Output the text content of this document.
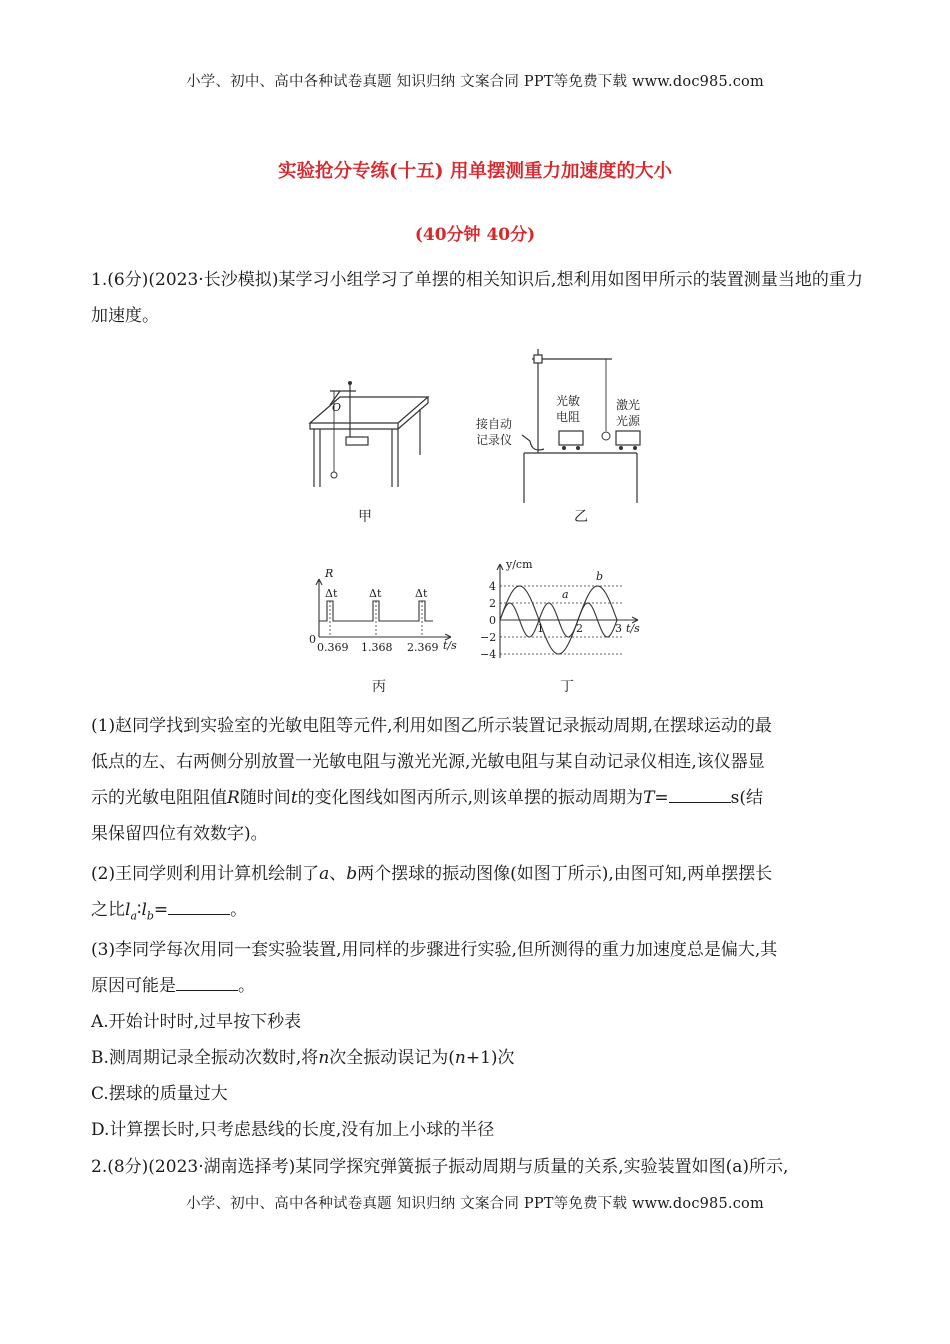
小学、初中、高中各种试卷真题 知识归纳 文案合同 PPT等免费下载 www.doc985.com
实验抢分专练(十五) 用单摆测重力加速度的大小
(40分钟 40分)
1.(6分)(2023·长沙模拟)某学习小组学习了单摆的相关知识后,想利用如图甲所示的装置测量当地的重力加速度。
O
甲
接自动
记录仪
光敏
电阻
激光
光源
乙
R
t/s
0
Δt	Δt	Δt
0.369 1.368 2.369
丙
y/cm
t/s
a
b
4
2
0
−2
−4
1	2	3
丁
(1)赵同学找到实验室的光敏电阻等元件,利用如图乙所示装置记录振动周期,在摆球运动的最
低点的左、右两侧分别放置一光敏电阻与激光光源,光敏电阻与某自动记录仪相连,该仪器显
示的光敏电阻阻值R随时间t的变化图线如图丙所示,则该单摆的振动周期为T=	s(结
果保留四位有效数字)。
(2)王同学则利用计算机绘制了a、b两个摆球的振动图像(如图丁所示),由图可知,两单摆摆长
之比$l_a∶l_b=$	。
(3)李同学每次用同一套实验装置,用同样的步骤进行实验,但所测得的重力加速度总是偏大,其
原因可能是	。
A.开始计时时,过早按下秒表
B.测周期记录全振动次数时,将n次全振动误记为(n+1)次
C.摆球的质量过大
D.计算摆长时,只考虑悬线的长度,没有加上小球的半径
2.(8分)(2023·湖南选择考)某同学探究弹簧振子振动周期与质量的关系,实验装置如图(a)所示,
小学、初中、高中各种试卷真题 知识归纳 文案合同 PPT等免费下载 www.doc985.com
